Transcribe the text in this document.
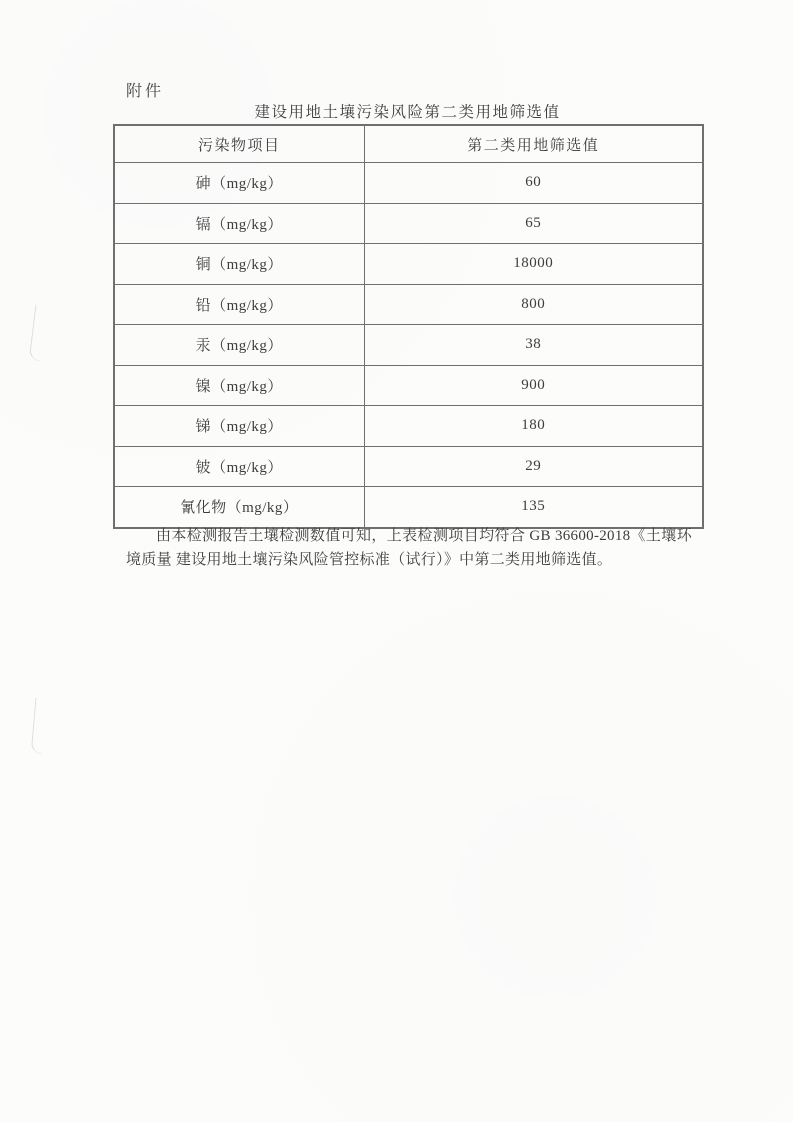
附件
建设用地土壤污染风险第二类用地筛选值
污染物项目	第二类用地筛选值
砷（mg/kg）	60
镉（mg/kg）	65
铜（mg/kg）	18000
铅（mg/kg）	800
汞（mg/kg）	38
镍（mg/kg）	900
锑（mg/kg）	180
铍（mg/kg）	29
氰化物（mg/kg）	135

由本检测报告土壤检测数值可知，上表检测项目均符合 GB 36600-2018《土壤环境质量 建设用地土壤污染风险管控标准（试行）》中第二类用地筛选值。
